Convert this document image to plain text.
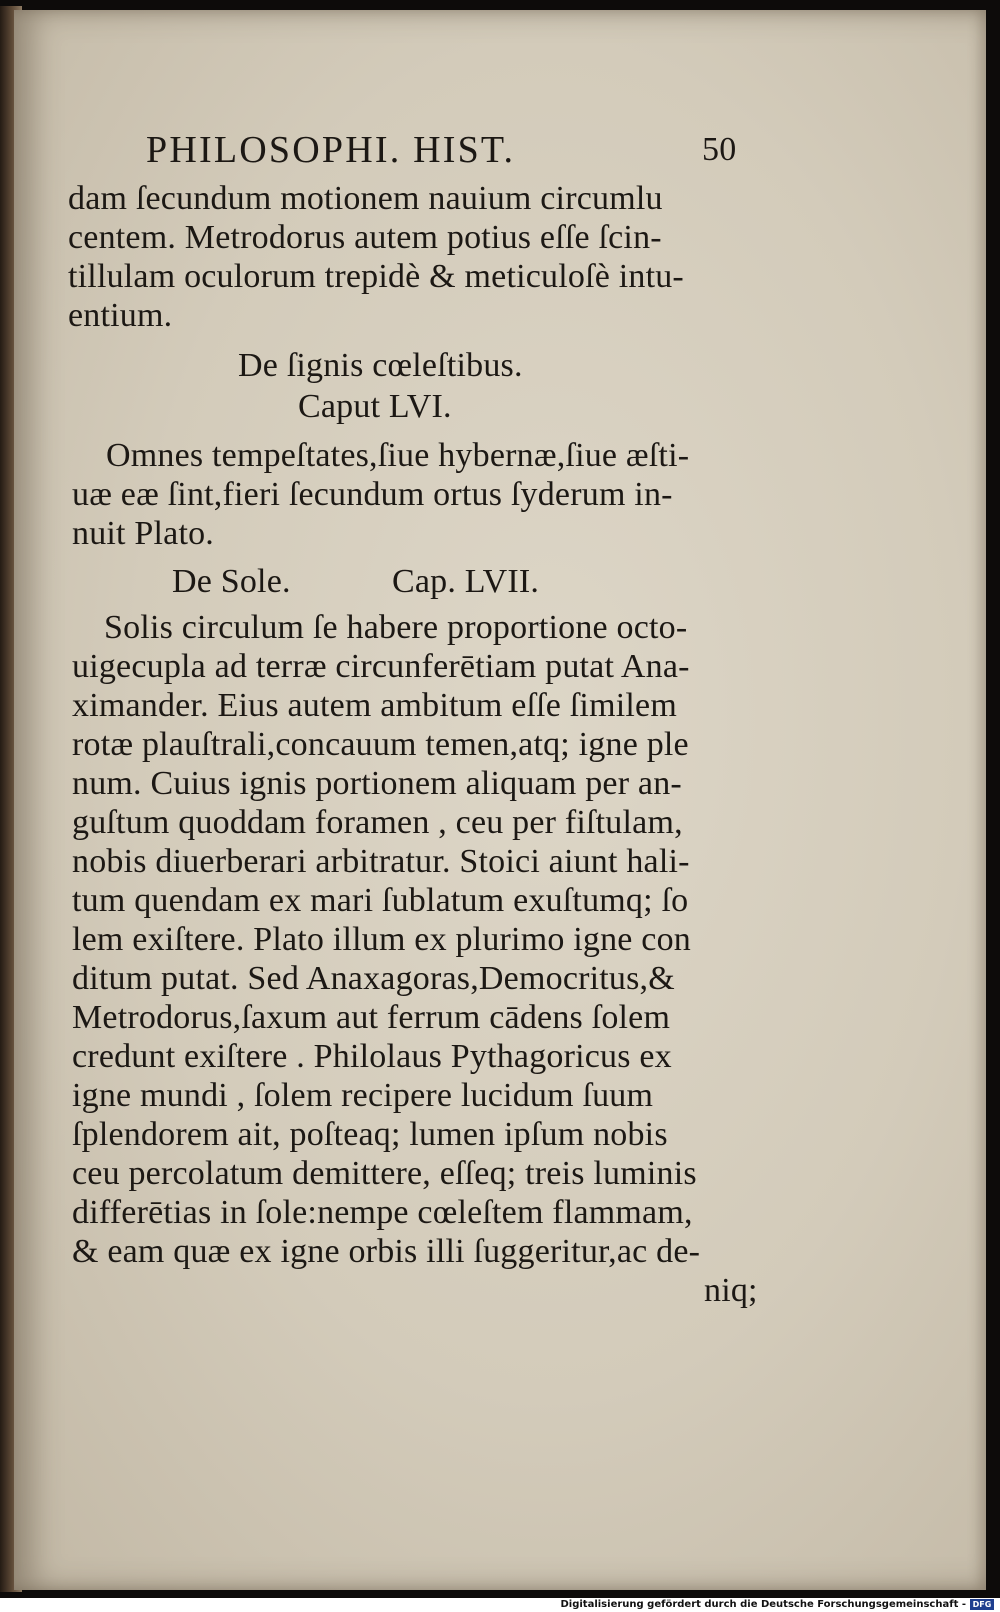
PHILOSOPHI. HIST.	50
dam ſecundum motionem nauium circumlu
centem. Metrodorus autem potius eſſe ſcin-
tillulam oculorum trepidè & meticuloſè intu-
entium.
De ſignis cœleſtibus.
Caput LVI.
Omnes tempeſtates,ſiue hybernæ,ſiue æſti-
uæ eæ ſint,fieri ſecundum ortus ſyderum in-
nuit Plato.
De Sole.	Cap. LVII.
Solis circulum ſe habere proportione octo-
uigecupla ad terræ circunferētiam putat Ana-
ximander. Eius autem ambitum eſſe ſimilem
rotæ plauſtrali,concauum temen,atq; igne ple
num. Cuius ignis portionem aliquam per an-
guſtum quoddam foramen , ceu per fiſtulam,
nobis diuerberari arbitratur. Stoici aiunt hali-
tum quendam ex mari ſublatum exuſtumq; ſo
lem exiſtere. Plato illum ex plurimo igne con
ditum putat. Sed Anaxagoras,Democritus,&
Metrodorus,ſaxum aut ferrum cādens ſolem
credunt exiſtere . Philolaus Pythagoricus ex
igne mundi , ſolem recipere lucidum ſuum
ſplendorem ait, poſteaq; lumen ipſum nobis
ceu percolatum demittere, eſſeq; treis luminis
differētias in ſole:nempe cœleſtem flammam,
& eam quæ ex igne orbis illi ſuggeritur,ac de-
niq;
Digitalisierung gefördert durch die Deutsche Forschungsgemeinschaft - DFG
